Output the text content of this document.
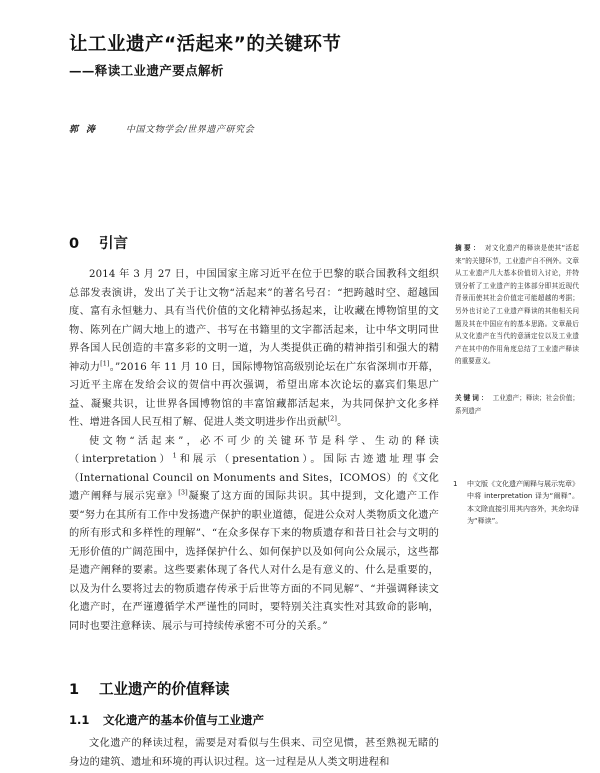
让工业遗产“活起来”的关键环节
——释读工业遗产要点解析
郭涛	中国文物学会/世界遗产研究会
0 引言

2014 年 3 月 27 日，中国国家主席习近平在位于巴黎的联合国教科文组织总部发表演讲，发出了关于让文物“活起来”的著名号召：“把跨越时空、超越国度、富有永恒魅力、具有当代价值的文化精神弘扬起来，让收藏在博物馆里的文物、陈列在广阔大地上的遗产、书写在书籍里的文字都活起来，让中华文明同世界各国人民创造的丰富多彩的文明一道，为人类提供正确的精神指引和强大的精神动力[1]。”2016 年 11 月 10 日，国际博物馆高级别论坛在广东省深圳市开幕，习近平主席在发给会议的贺信中再次强调，希望出席本次论坛的嘉宾们集思广益、凝聚共识，让世界各国博物馆的丰富馆藏都活起来，为共同保护文化多样性、增进各国人民互相了解、促进人类文明进步作出贡献[2]。

使文物“活起来”，必不可少的关键环节是科学、生动的释读（interpretation）$^1$和展示（presentation）。国际古迹遗址理事会（International Council on Monuments and Sites，ICOMOS）的《文化遗产阐释与展示宪章》[3]凝聚了这方面的国际共识。其中提到，文化遗产工作要“努力在其所有工作中发扬遗产保护的职业道德，促进公众对人类物质文化遗产的所有形式和多样性的理解”、“在众多保存下来的物质遗存和昔日社会与文明的无形价值的广阔范围中，选择保护什么、如何保护以及如何向公众展示，这些都是遗产阐释的要素。这些要素体现了各代人对什么是有意义的、什么是重要的，以及为什么要将过去的物质遗存传承于后世等方面的不同见解”、“并强调释读文化遗产时，在严谨遵循学术严谨性的同时，要特别关注真实性对其致命的影响，同时也要注意释读、展示与可持续传承密不可分的关系。”

1 工业遗产的价值释读
1.1 文化遗产的基本价值与工业遗产

文化遗产的释读过程，需要是对看似与生俱来、司空见惯，甚至熟视无睹的身边的建筑、遗址和环境的再认识过程。这一过程是从人类文明进程和

摘要： 对文化遗产的释读是使其“活起来”的关键环节，工业遗产自不例外。文章从工业遗产几大基本价值切入讨论，并特别分析了工业遗产的主体部分即其近现代背景而使其社会价值定可能超越的考据；另外也讨论了工业遗产释读的其他相关问题及其在中国应有的基本思路。文章最后从文化遗产在当代的意涵定位以及工业遗产在其中的作用角度总结了工业遗产释读的重要意义。
关键词： 工业遗产；释读；社会价值；系列遗产
1	中文版《文化遗产阐释与展示宪章》中将 interpretation 译为“阐释”。本文除直接引用其内容外，其余均译为“释读”。
